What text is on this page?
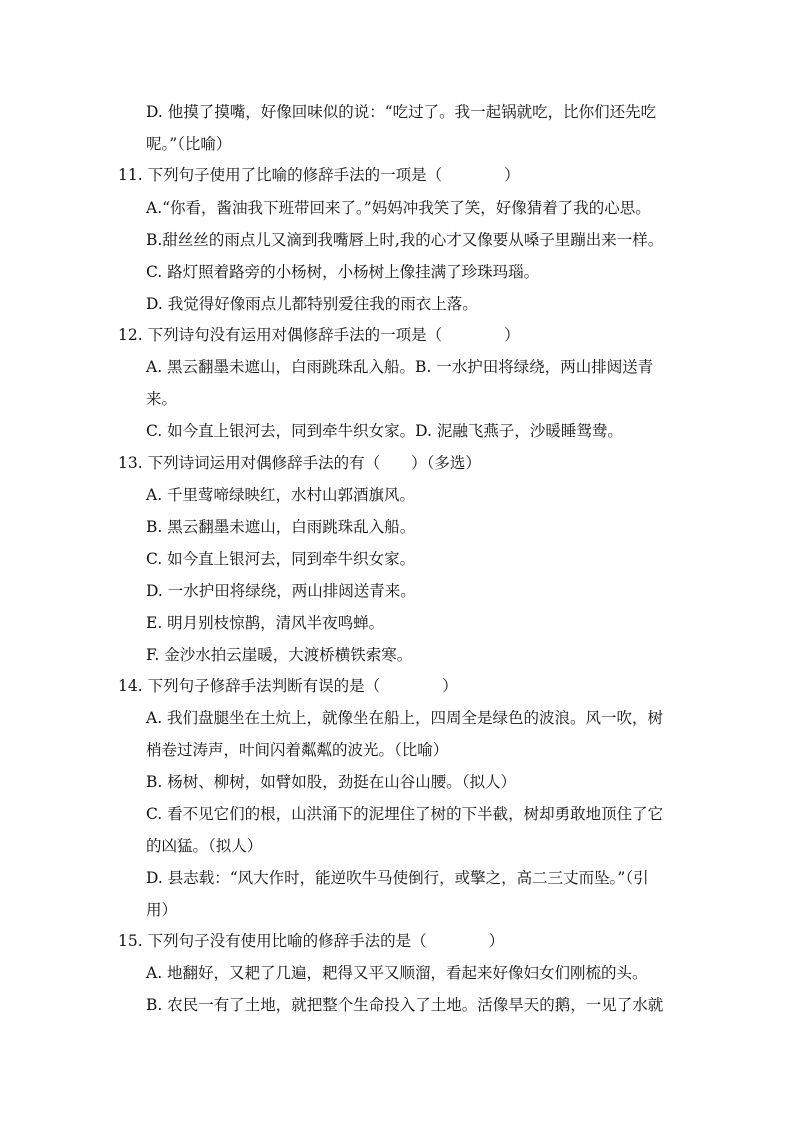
D. 他摸了摸嘴，好像回味似的说：“吃过了。我一起锅就吃，比你们还先吃
呢。”（比喻）
11. 下列句子使用了比喻的修辞手法的一项是（　　　　）
A.“你看，酱油我下班带回来了。”妈妈冲我笑了笑，好像猜着了我的心思。
B.甜丝丝的雨点儿又滴到我嘴唇上时,我的心才又像要从嗓子里蹦出来一样。
C. 路灯照着路旁的小杨树，小杨树上像挂满了珍珠玛瑙。
D. 我觉得好像雨点儿都特别爱往我的雨衣上落。
12. 下列诗句没有运用对偶修辞手法的一项是（　　　　）
A. 黑云翻墨未遮山，白雨跳珠乱入船。B. 一水护田将绿绕，两山排闼送青
来。
C. 如今直上银河去，同到牵牛织女家。D. 泥融飞燕子，沙暖睡鸳鸯。
13. 下列诗词运用对偶修辞手法的有（　　）（多选）
A. 千里莺啼绿映红，水村山郭酒旗风。
B. 黑云翻墨未遮山，白雨跳珠乱入船。
C. 如今直上银河去，同到牵牛织女家。
D. 一水护田将绿绕，两山排闼送青来。
E. 明月别枝惊鹊，清风半夜鸣蝉。
F. 金沙水拍云崖暖，大渡桥横铁索寒。
14. 下列句子修辞手法判断有误的是（　　　　）
A. 我们盘腿坐在土炕上，就像坐在船上，四周全是绿色的波浪。风一吹，树
梢卷过涛声，叶间闪着粼粼的波光。（比喻）
B. 杨树、柳树，如臂如股，劲挺在山谷山腰。（拟人）
C. 看不见它们的根，山洪涌下的泥埋住了树的下半截，树却勇敢地顶住了它
的凶猛。（拟人）
D. 县志载：“风大作时，能逆吹牛马使倒行，或擎之，高二三丈而坠。”（引
用）
15. 下列句子没有使用比喻的修辞手法的是（　　　　）
A. 地翻好，又耙了几遍，耙得又平又顺溜，看起来好像妇女们刚梳的头。
B. 农民一有了土地，就把整个生命投入了土地。活像旱天的鹅，一见了水就
